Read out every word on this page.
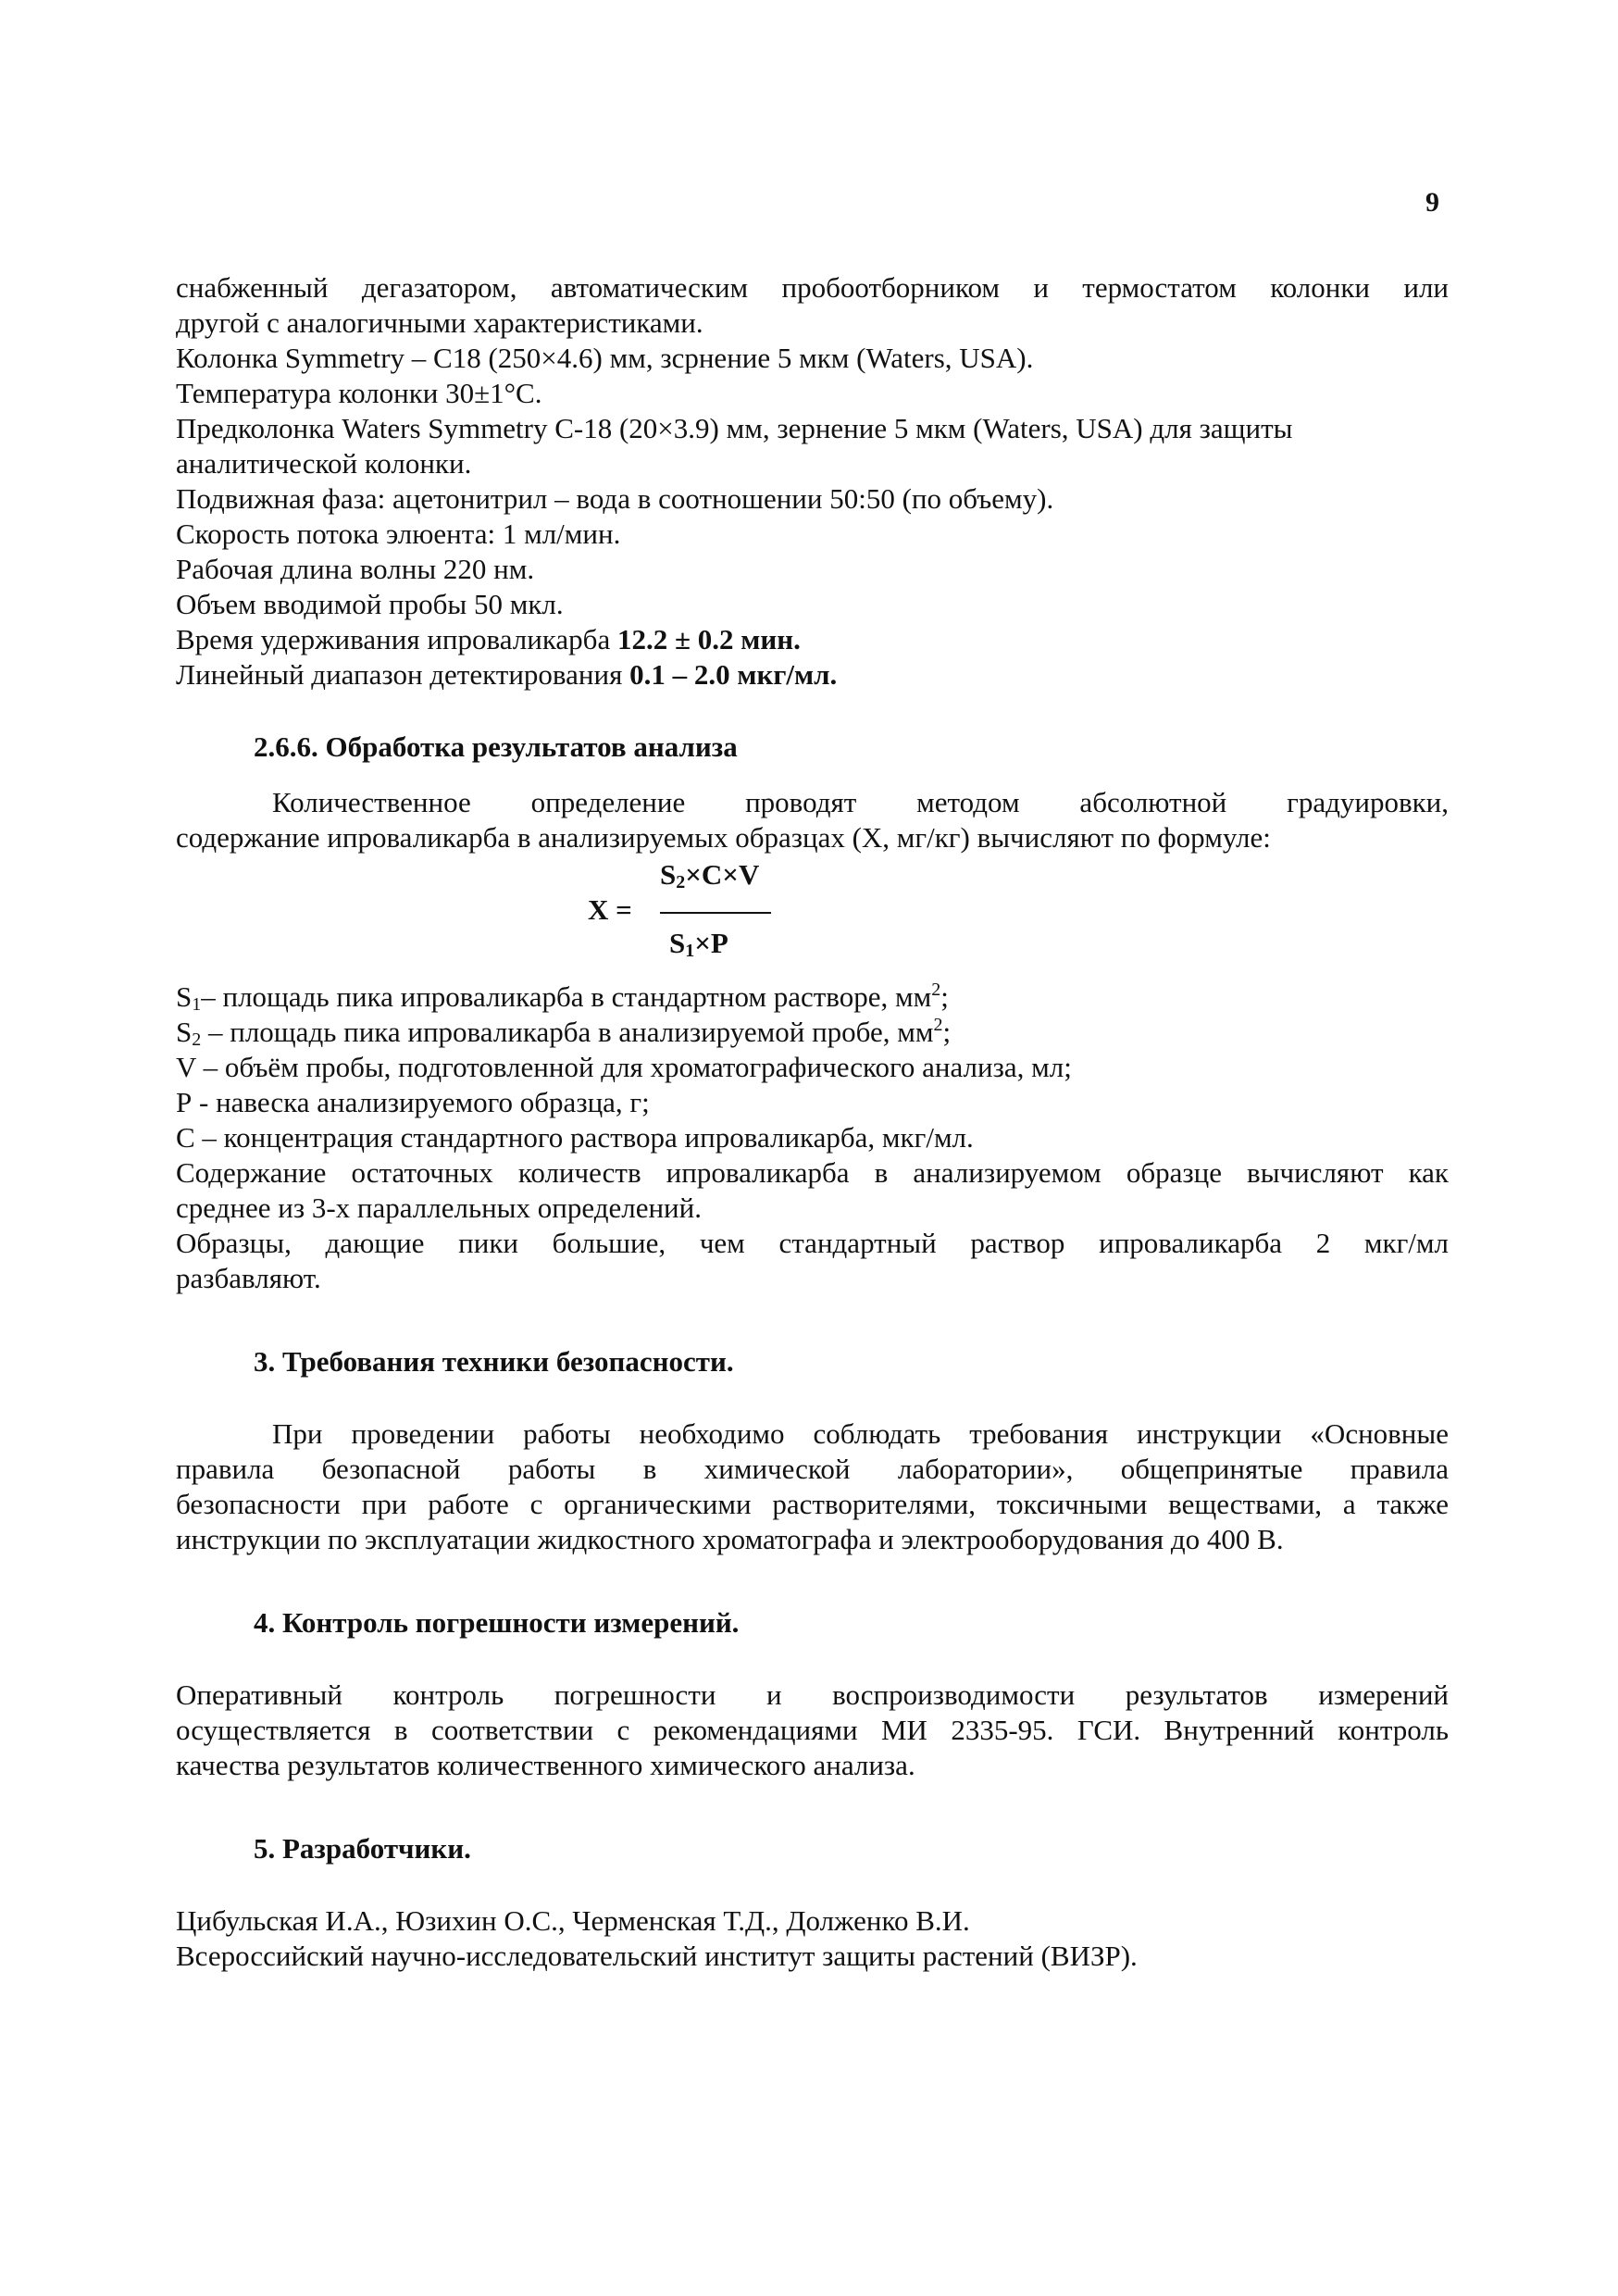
9
снабженный дегазатором, автоматическим пробоотборником и термостатом колонки или
другой с аналогичными характеристиками.
Колонка Symmetry – C18 (250×4.6) мм, зсрнение 5 мкм (Waters, USA).
Температура колонки 30±1°С.
Предколонка Waters Symmetry C-18 (20×3.9) мм, зернение 5 мкм (Waters, USA) для защиты
аналитической колонки.
Подвижная фаза: ацетонитрил – вода в соотношении 50:50 (по объему).
Скорость потока элюента: 1 мл/мин.
Рабочая длина волны 220 нм.
Объем вводимой пробы 50 мкл.
Время удерживания ипроваликарба 12.2 ± 0.2 мин.
Линейный диапазон детектирования 0.1 – 2.0 мкг/мл.
2.6.6. Обработка результатов анализа
Количественное определение проводят методом абсолютной градуировки,
содержание ипроваликарба в анализируемых образцах (Х, мг/кг) вычисляют по формуле:
$S_2\times C\times V$
X =
$S_1\times P$
$S_1-$ площадь пика ипроваликарба в стандартном растворе, $мм^2$;
$S_2$ – площадь пика ипроваликарба в анализируемой пробе, $мм^2$;
V – объём пробы, подготовленной для хроматографического анализа, мл;
Р - навеска анализируемого образца, г;
С – концентрация стандартного раствора ипроваликарба, мкг/мл.
Содержание остаточных количеств ипроваликарба в анализируемом образце вычисляют как
среднее из 3-х параллельных определений.
Образцы, дающие пики большие, чем стандартный раствор ипроваликарба 2 мкг/мл
разбавляют.
3. Требования техники безопасности.
При проведении работы необходимо соблюдать требования инструкции «Основные
правила безопасной работы в химической лаборатории», общепринятые правила
безопасности при работе с органическими растворителями, токсичными веществами, а также
инструкции по эксплуатации жидкостного хроматографа и электрооборудования до 400 В.
4. Контроль погрешности измерений.
Оперативный контроль погрешности и воспроизводимости результатов измерений
осуществляется в соответствии с рекомендациями МИ 2335-95. ГСИ. Внутренний контроль
качества результатов количественного химического анализа.
5. Разработчики.
Цибульская И.А., Юзихин О.С., Черменская Т.Д., Долженко В.И.
Всероссийский научно-исследовательский институт защиты растений (ВИЗР).
